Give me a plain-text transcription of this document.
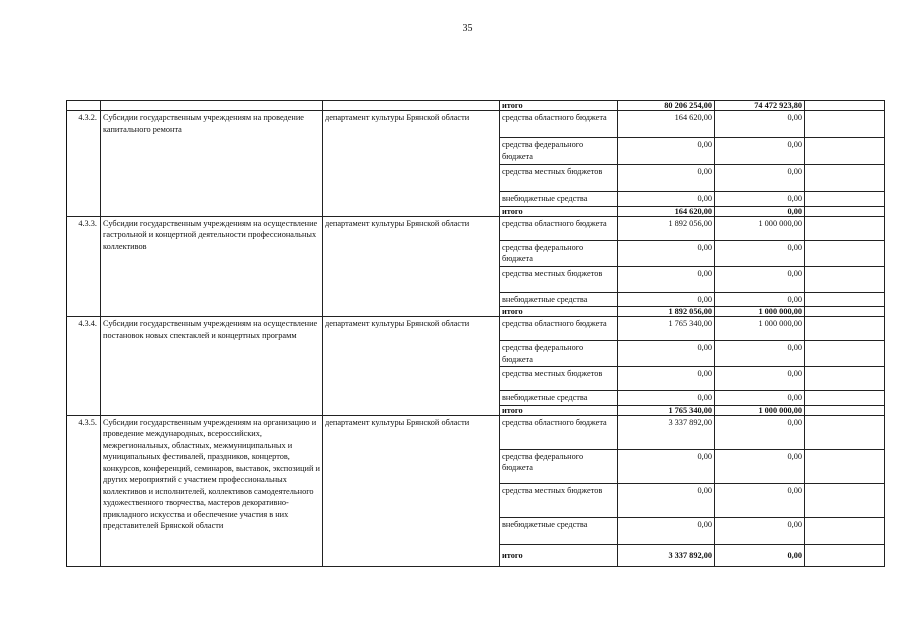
35
			итого	80 206 254,00	74 472 923,80	
4.3.2.	Субсидии государственным учреждениям на проведение капитального ремонта	департамент культуры Брянской области	средства областного бюджета	164 620,00	0,00	
			средства федерального бюджета	0,00	0,00	
			средства местных бюджетов	0,00	0,00	
			внебюджетные средства	0,00	0,00	
			итого	164 620,00	0,00	
4.3.3.	Субсидии государственным учреждениям на осуществление гастрольной и концертной деятельности профессиональных коллективов	департамент культуры Брянской области	средства областного бюджета	1 892 056,00	1 000 000,00	
			средства федерального бюджета	0,00	0,00	
			средства местных бюджетов	0,00	0,00	
			внебюджетные средства	0,00	0,00	
			итого	1 892 056,00	1 000 000,00	
4.3.4.	Субсидии государственным учреждениям на осуществление постановок новых спектаклей и концертных программ	департамент культуры Брянской области	средства областного бюджета	1 765 340,00	1 000 000,00	
			средства федерального бюджета	0,00	0,00	
			средства местных бюджетов	0,00	0,00	
			внебюджетные средства	0,00	0,00	
			итого	1 765 340,00	1 000 000,00	
4.3.5.	Субсидии государственным учреждениям на организацию и проведение международных, всероссийских, межрегиональных, областных, межмуниципальных и муниципальных фестивалей, праздников, концертов, конкурсов, конференций, семинаров, выставок, экспозиций и других мероприятий с участием профессиональных коллективов и исполнителей, коллективов самодеятельного художественного творчества, мастеров декоративно-прикладного искусства и обеспечение участия в них представителей Брянской области	департамент культуры Брянской области	средства областного бюджета	3 337 892,00	0,00	
			средства федерального бюджета	0,00	0,00	
			средства местных бюджетов	0,00	0,00	
			внебюджетные средства	0,00	0,00	
			итого	3 337 892,00	0,00	
